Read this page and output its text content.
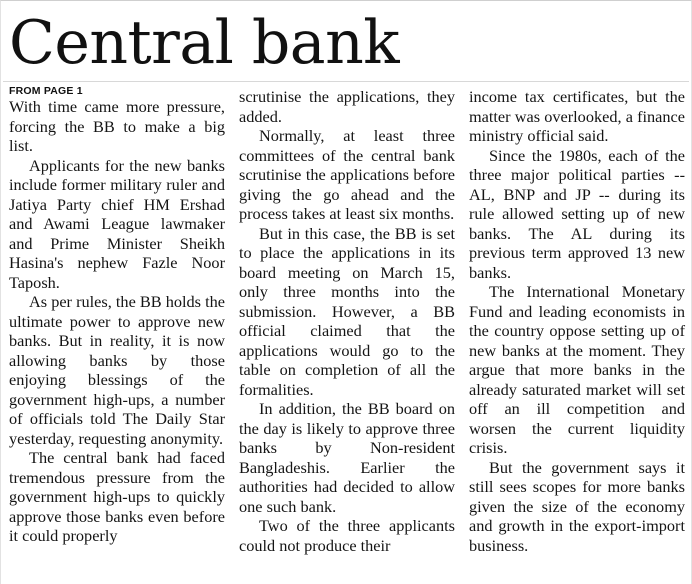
Central bank
FROM PAGE 1

With time came more pressure, forcing the BB to make a big list.

Applicants for the new banks include former military ruler and Jatiya Party chief HM Ershad and Awami League lawmaker and Prime Minister Sheikh Hasina's nephew Fazle Noor Taposh.

As per rules, the BB holds the ultimate power to approve new banks. But in reality, it is now allowing banks by those enjoying blessings of the government high-ups, a number of officials told The Daily Star yesterday, requesting anonymity.

The central bank had faced tremendous pressure from the government high-ups to quickly approve those banks even before it could properly

scrutinise the applications, they added.

Normally, at least three committees of the central bank scrutinise the applications before giving the go ahead and the process takes at least six months.

But in this case, the BB is set to place the applications in its board meeting on March 15, only three months into the submission. However, a BB official claimed that the applications would go to the table on completion of all the formalities.

In addition, the BB board on the day is likely to approve three banks by Non-resident Bangladeshis. Earlier the authorities had decided to allow one such bank.

Two of the three applicants could not produce their

income tax certificates, but the matter was overlooked, a finance ministry official said.

Since the 1980s, each of the three major political parties -- AL, BNP and JP -- during its rule allowed setting up of new banks. The AL during its previous term approved 13 new banks.

The International Monetary Fund and leading economists in the country oppose setting up of new banks at the moment. They argue that more banks in the already saturated market will set off an ill competition and worsen the current liquidity crisis.

But the government says it still sees scopes for more banks given the size of the economy and growth in the export-import business.
